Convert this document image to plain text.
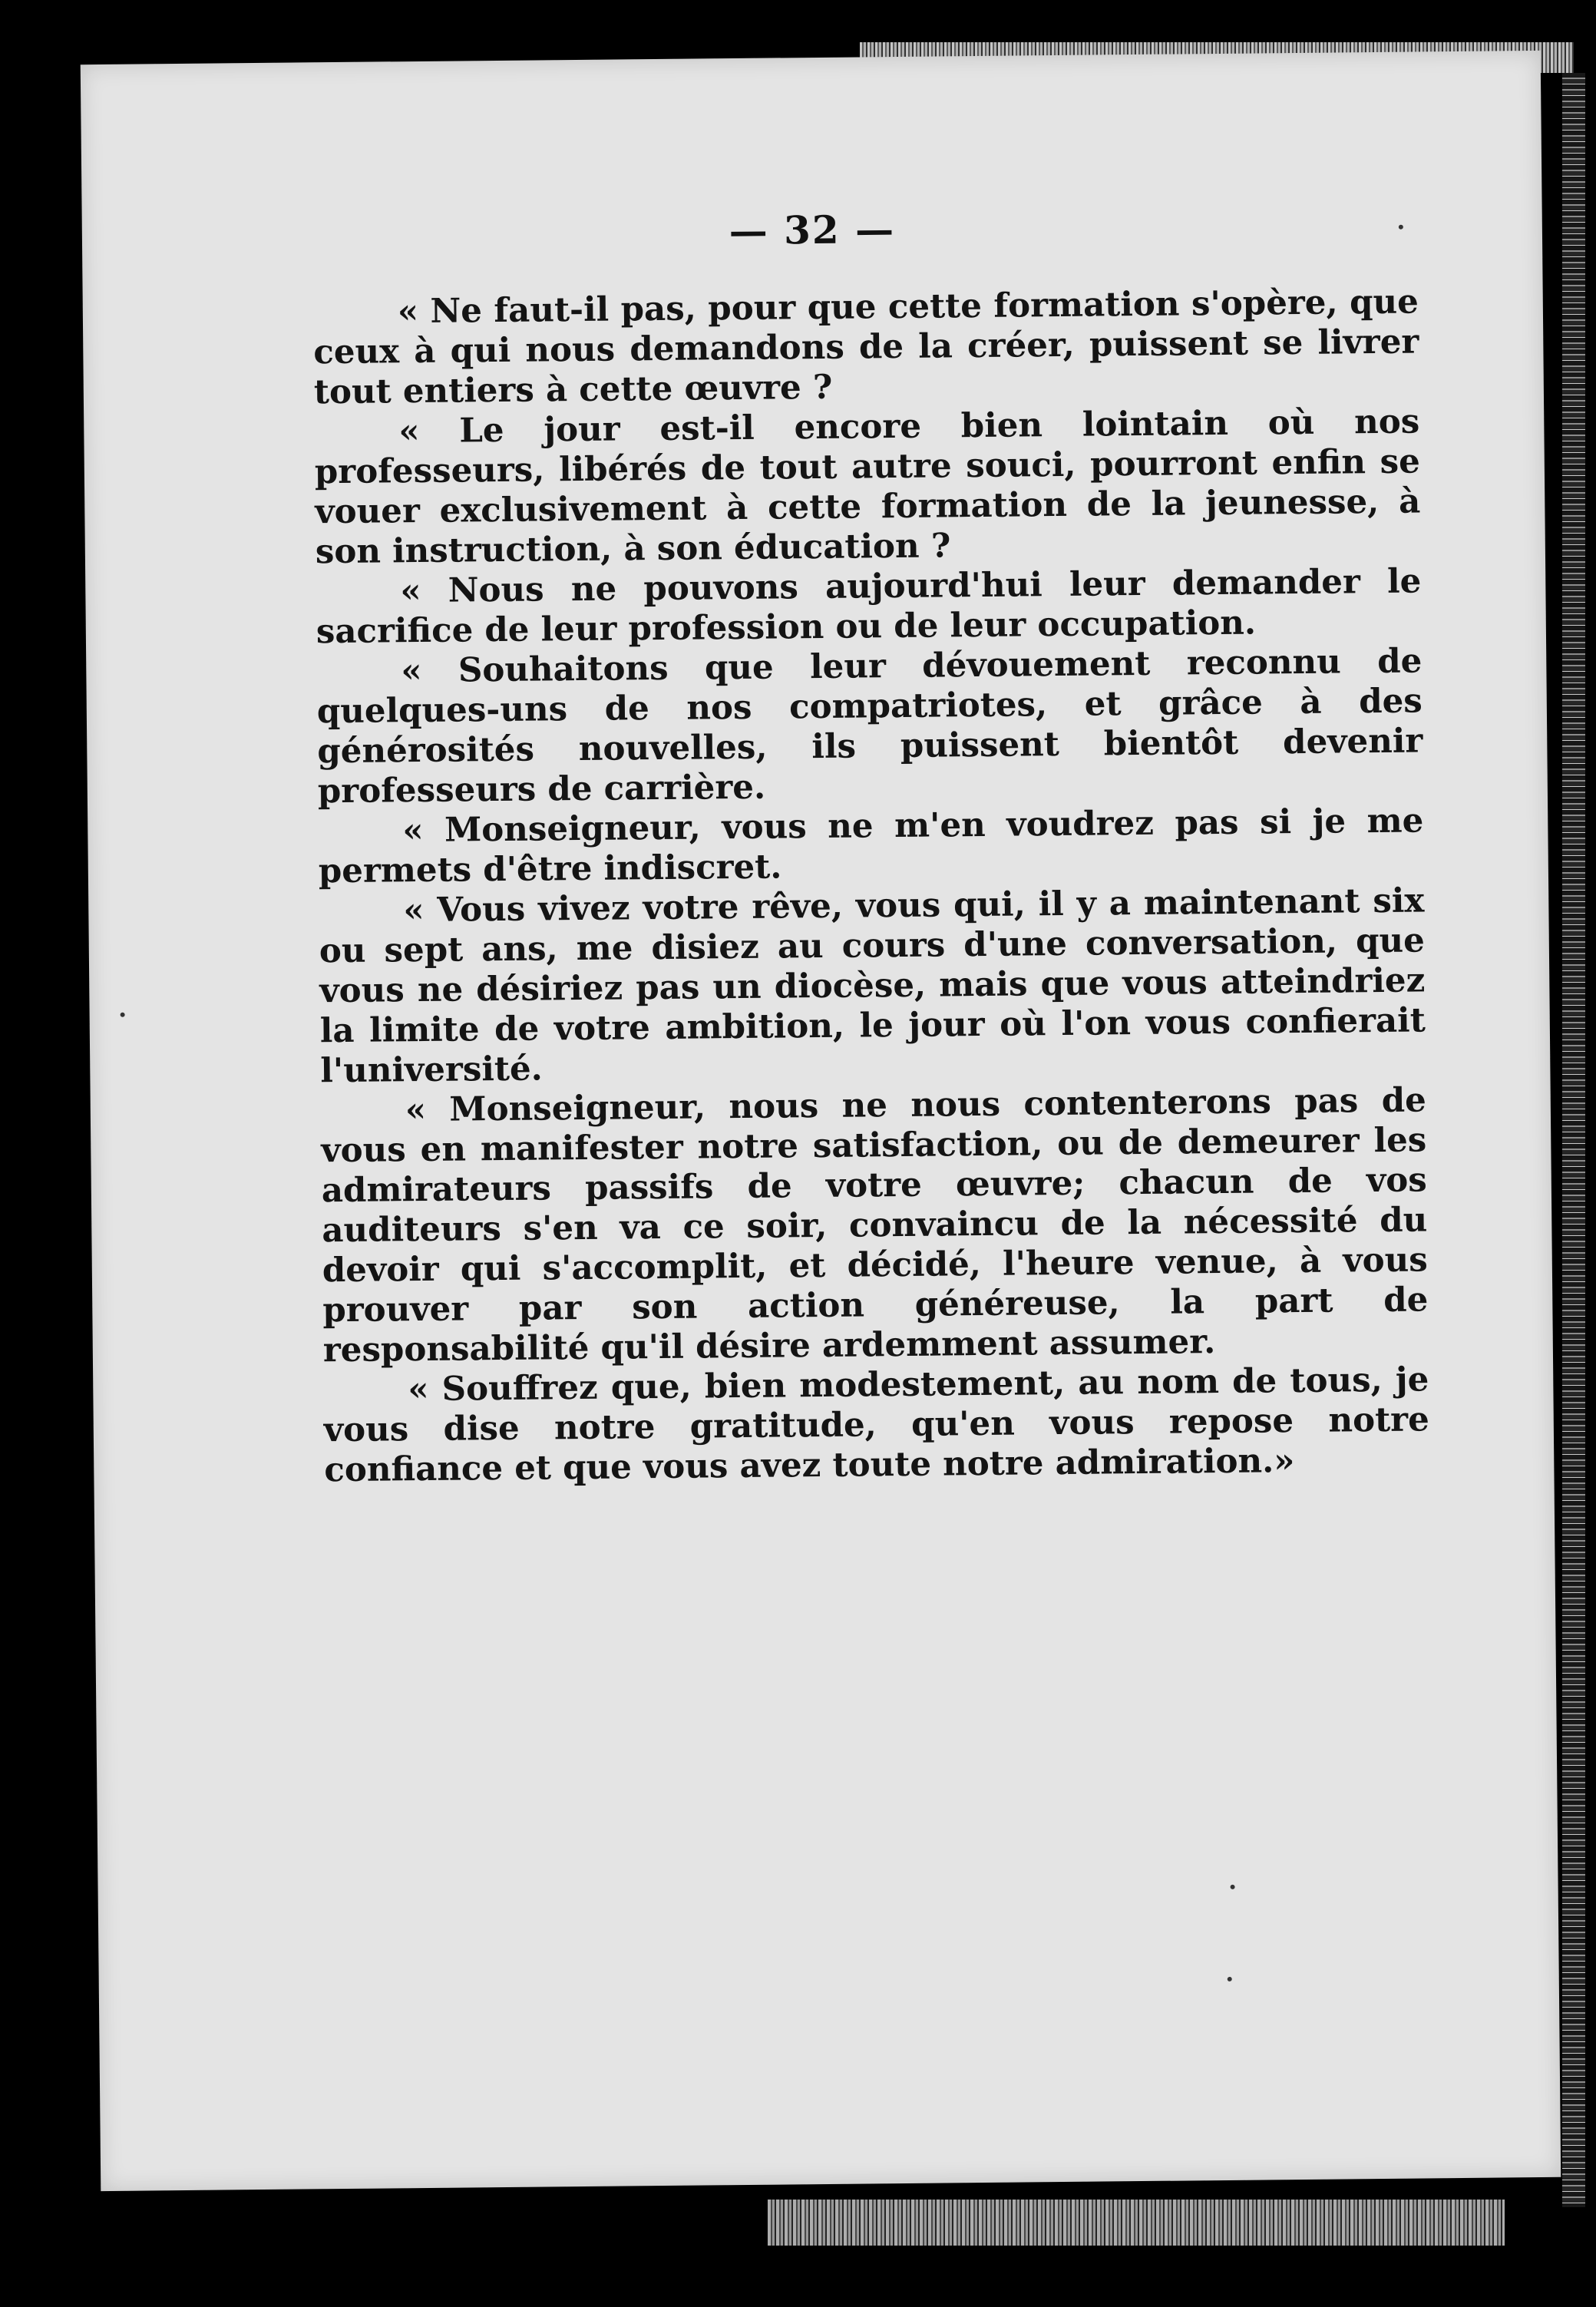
— 32 —

« Ne faut-il pas, pour que cette formation s'opère, que ceux à qui nous demandons de la créer, puissent se livrer tout entiers à cette œuvre ?

« Le jour est-il encore bien lointain où nos professeurs, libérés de tout autre souci, pourront enfin se vouer exclusivement à cette formation de la jeunesse, à son instruction, à son éducation ?

« Nous ne pouvons aujourd'hui leur demander le sacrifice de leur profession ou de leur occupation.

« Souhaitons que leur dévouement reconnu de quelques-uns de nos compatriotes, et grâce à des générosités nouvelles, ils puissent bientôt devenir professeurs de carrière.

« Monseigneur, vous ne m'en voudrez pas si je me permets d'être indiscret.

« Vous vivez votre rêve, vous qui, il y a maintenant six ou sept ans, me disiez au cours d'une conversation, que vous ne désiriez pas un diocèse, mais que vous atteindriez la limite de votre ambition, le jour où l'on vous confierait l'université.

« Monseigneur, nous ne nous contenterons pas de vous en manifester notre satisfaction, ou de demeurer les admirateurs passifs de votre œuvre; chacun de vos auditeurs s'en va ce soir, convaincu de la nécessité du devoir qui s'accomplit, et décidé, l'heure venue, à vous prouver par son action généreuse, la part de responsabilité qu'il désire ardemment assumer.

« Souffrez que, bien modestement, au nom de tous, je vous dise notre gratitude, qu'en vous repose notre confiance et que vous avez toute notre admiration.»
